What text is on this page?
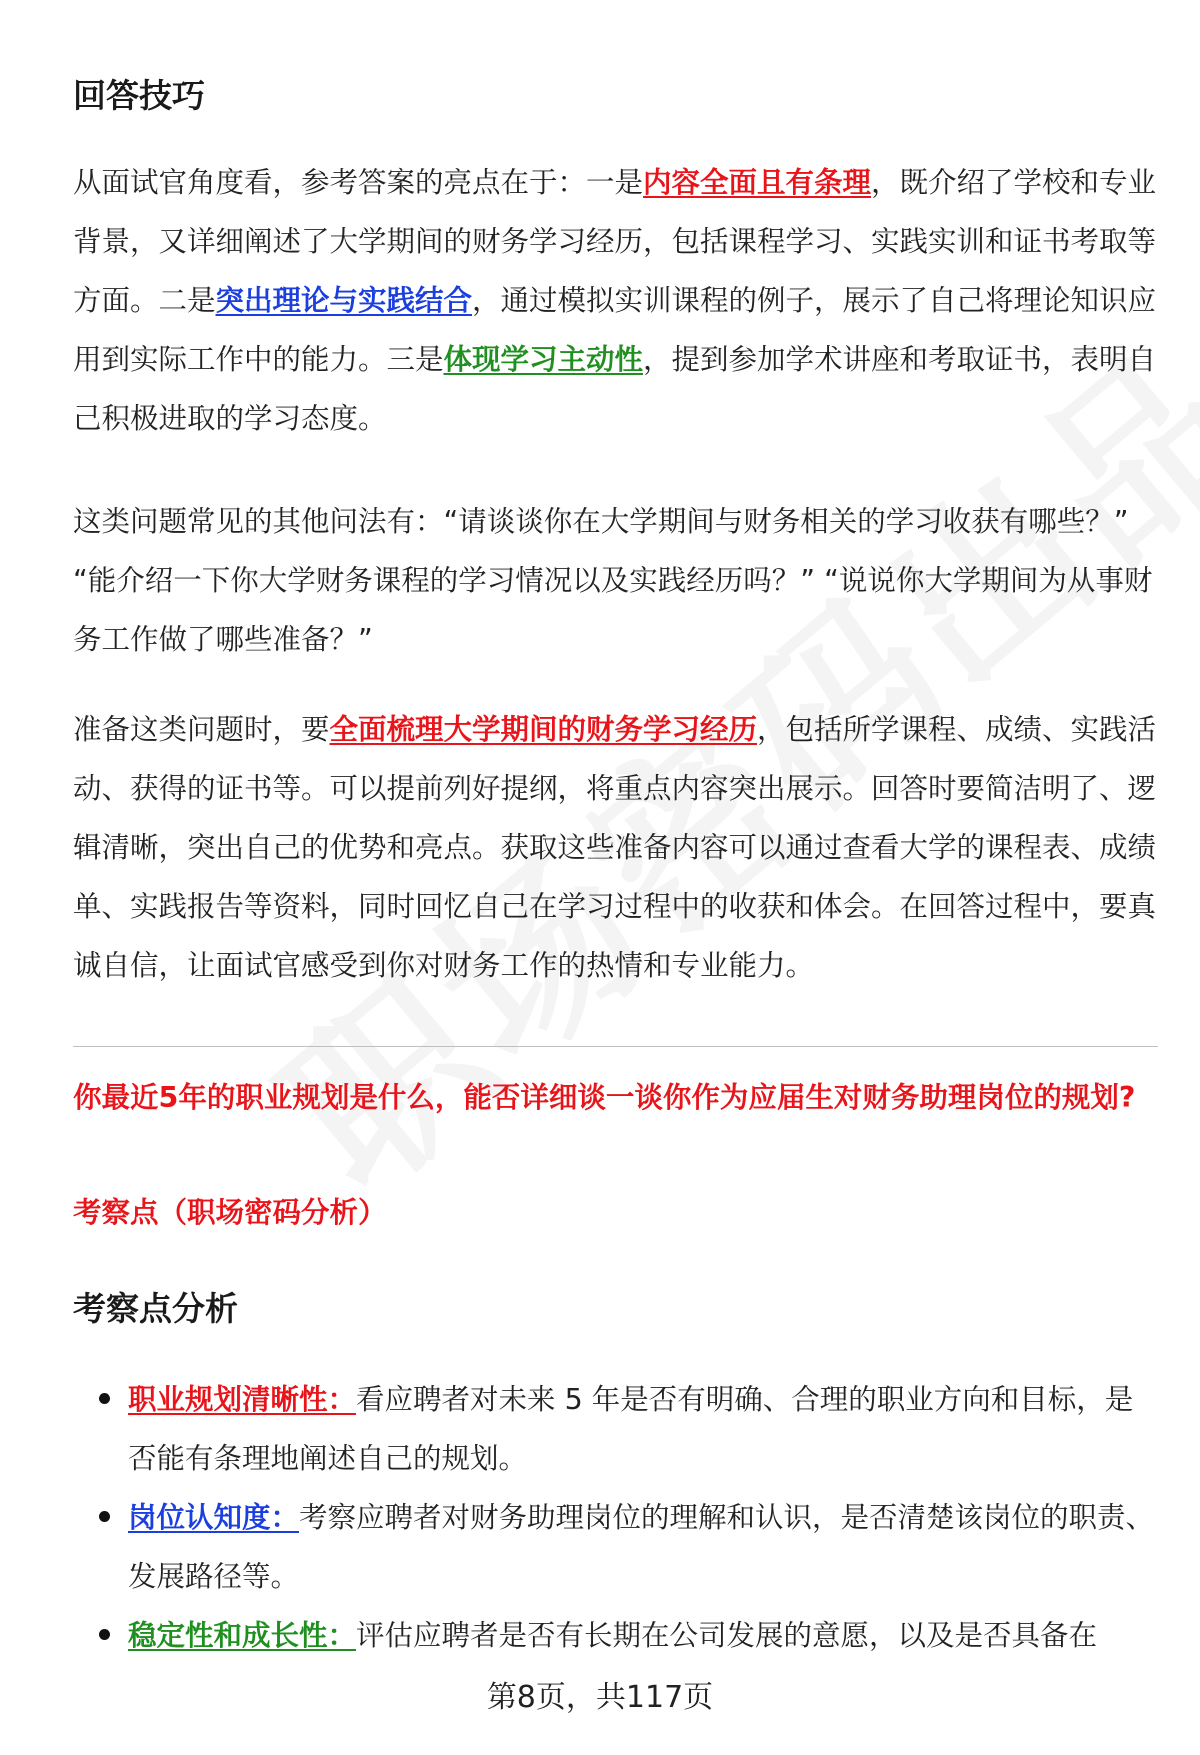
回答技巧

从面试官角度看，参考答案的亮点在于：一是内容全面且有条理，既介绍了学校和专业背景，又详细阐述了大学期间的财务学习经历，包括课程学习、实践实训和证书考取等方面。二是突出理论与实践结合，通过模拟实训课程的例子，展示了自己将理论知识应用到实际工作中的能力。三是体现学习主动性，提到参加学术讲座和考取证书，表明自己积极进取的学习态度。

这类问题常见的其他问法有：“请谈谈你在大学期间与财务相关的学习收获有哪些？” “能介绍一下你大学财务课程的学习情况以及实践经历吗？” “说说你大学期间为从事财务工作做了哪些准备？”

准备这类问题时，要全面梳理大学期间的财务学习经历，包括所学课程、成绩、实践活动、获得的证书等。可以提前列好提纲，将重点内容突出展示。回答时要简洁明了、逻辑清晰，突出自己的优势和亮点。获取这些准备内容可以通过查看大学的课程表、成绩单、实践报告等资料，同时回忆自己在学习过程中的收获和体会。在回答过程中，要真诚自信，让面试官感受到你对财务工作的热情和专业能力。

你最近5年的职业规划是什么，能否详细谈一谈你作为应届生对财务助理岗位的规划?

考察点（职场密码分析）

考察点分析
职业规划清晰性：看应聘者对未来 5 年是否有明确、合理的职业方向和目标，是否能有条理地阐述自己的规划。
岗位认知度：考察应聘者对财务助理岗位的理解和认识，是否清楚该岗位的职责、发展路径等。
稳定性和成长性：评估应聘者是否有长期在公司发展的意愿，以及是否具备在
第8页，共117页
